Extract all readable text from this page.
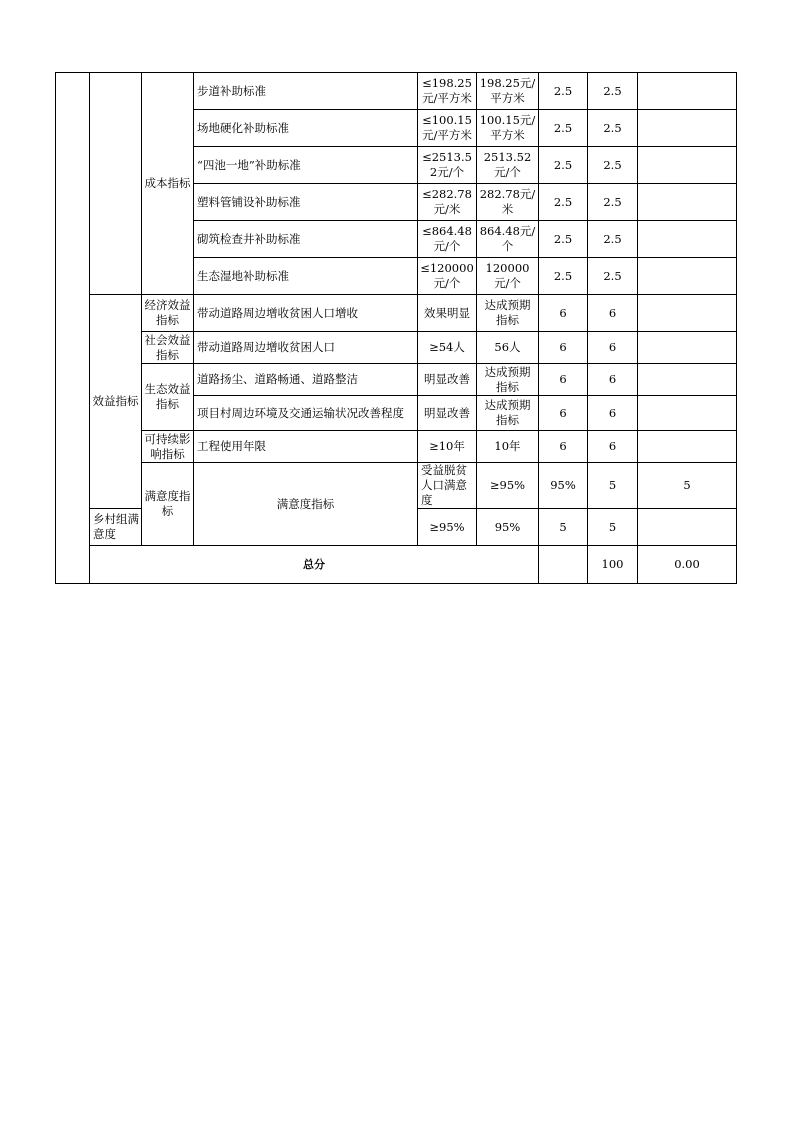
		成本指标	步道补助标准	≤198.25元/平方米	198.25元/平方米	2.5	2.5		
			场地硬化补助标准	≤100.15元/平方米	100.15元/平方米	2.5	2.5		
			“四池一地”补助标准	≤2513.52元/个	2513.52元/个	2.5	2.5		
			塑料管铺设补助标准	≤282.78元/米	282.78元/米	2.5	2.5		
			砌筑检查井补助标准	≤864.48元/个	864.48元/个	2.5	2.5		
			生态湿地补助标准	≤120000元/个	120000元/个	2.5	2.5		
	效益指标	经济效益指标	带动道路周边增收贫困人口增收	效果明显	达成预期指标	6	6		
		社会效益指标	带动道路周边增收贫困人口	≥54人	56人	6	6		
		生态效益指标	道路扬尘、道路畅通、道路整洁	明显改善	达成预期指标	6	6		
			项目村周边环境及交通运输状况改善程度	明显改善	达成预期指标	6	6		
		可持续影响指标	工程使用年限	≥10年	10年	6	6		
		满意度指标	满意度指标	受益脱贫人口满意度	≥95%	95%	5	5	
	乡村组满意度			≥95%	95%	5	5		
	总分						100	0.00	
